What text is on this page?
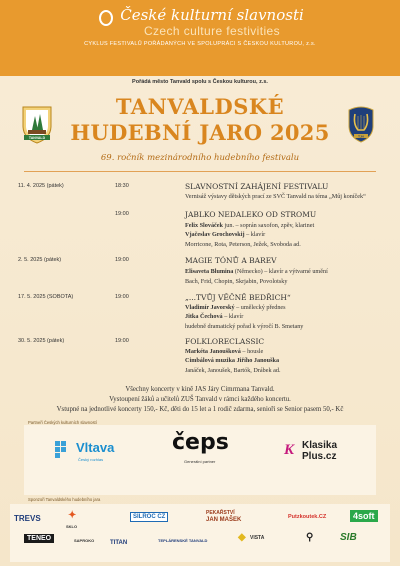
České kulturní slavnosti
Czech culture festivities
CYKLUS FESTIVALŮ POŘÁDANÝCH VE SPOLUPRÁCI S ČESKOU KULTUROU, z.s.
Pořádá město Tanvald spolu s Českou kulturou, z.s.
TANVALD	TJH
TANVALDSKÉ
HUDEBNÍ JARO 2025
69. ročník mezinárodního hudebního festivalu
11. 4. 2025 (pátek)	18:30	SLAVNOSTNÍ ZAHÁJENÍ FESTIVALU
Vernisáž výstavy dětských prací ze SVČ Tanvald na téma „Můj koníček“
19:00	JABLKO NEDALEKO OD STROMU
Felix Slováček jun. – soprán saxofon, zpěv, klarinet
Vjačeslav Grochovskij – klavír
Morricone, Rota, Peterson, Ježek, Svoboda ad.
2. 5. 2025 (pátek)	19:00	MAGIE TÓNŮ A BAREV
Elisaveta Blumina (Německo) – klavír a výtvarné umění
Bach, Frid, Chopin, Skrjabin, Povolotsky
17. 5. 2025 (SOBOTA)	19:00	„...TVŮJ VĚČNĚ BEDŘICH“
Vladimír Javorský – umělecký přednes
Jitka Čechová – klavír
hudebně dramatický pořad k výročí B. Smetany
30. 5. 2025 (pátek)	19:00	FOLKLORECLASSIC
Markéta Janoušková – housle
Cimbálová muzika Jiřího Janouška
Janáček, Janoušek, Bartók, Drábek ad.
Všechny koncerty v kině JAS Járy Cimrmana Tanvald.
Vystoupení žáků a učitelů ZUŠ Tanvald v rámci každého koncertu.
Vstupné na jednotlivé koncerty 150,- Kč, děti do 15 let a 1 rodič zdarma, senioři se Senior pasem 50,- Kč
Partneři Českých kulturních slavností
Vltava
Český rozhlas
čeps
Generální partner
K Klasika
Plus.cz
Sponzoři Tanvaldského hudebního jara
TREVS	✦
SKLO
SILROC CZ
PEKAŘSTVÍ
JAN MAŠEK	Putzkoutek.CZ	4soft
TENEO	SAPROKO	TITAN	TEPLÁRENSKÉ TANVALD	◆ VISTA	⚲	SIB
